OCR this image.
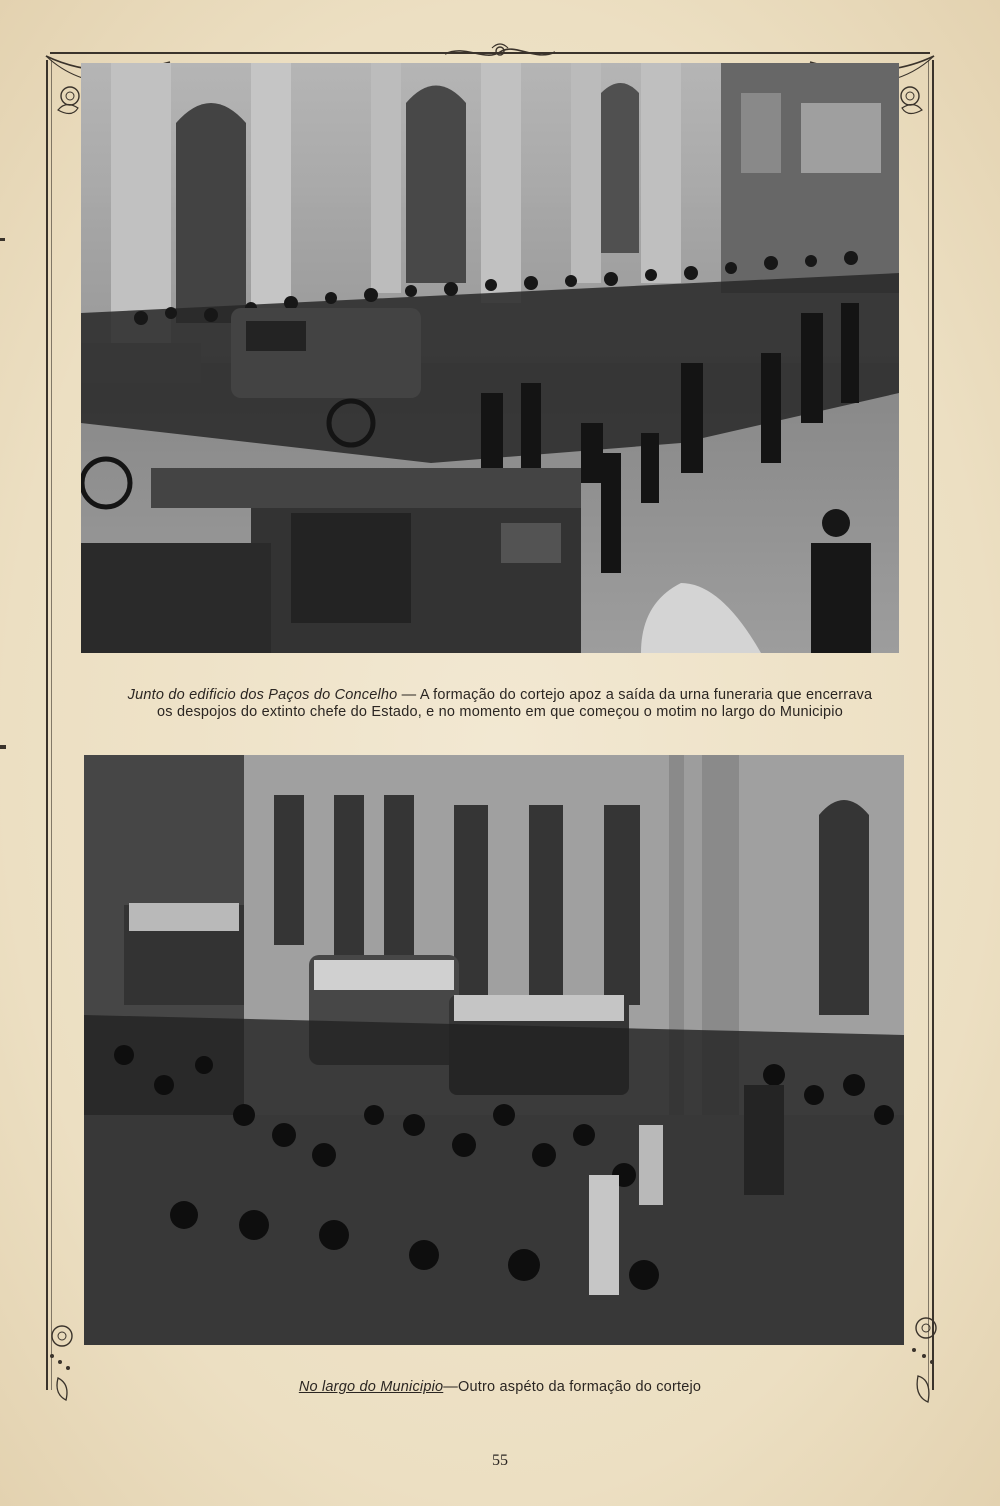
Junto do edificio dos Paços do Concelho — A formação do cortejo apoz a saída da urna funeraria que encerrava
os despojos do extinto chefe do Estado, e no momento em que começou o motim no largo do Municipio
No largo do Municipio—Outro aspéto da formação do cortejo
55
